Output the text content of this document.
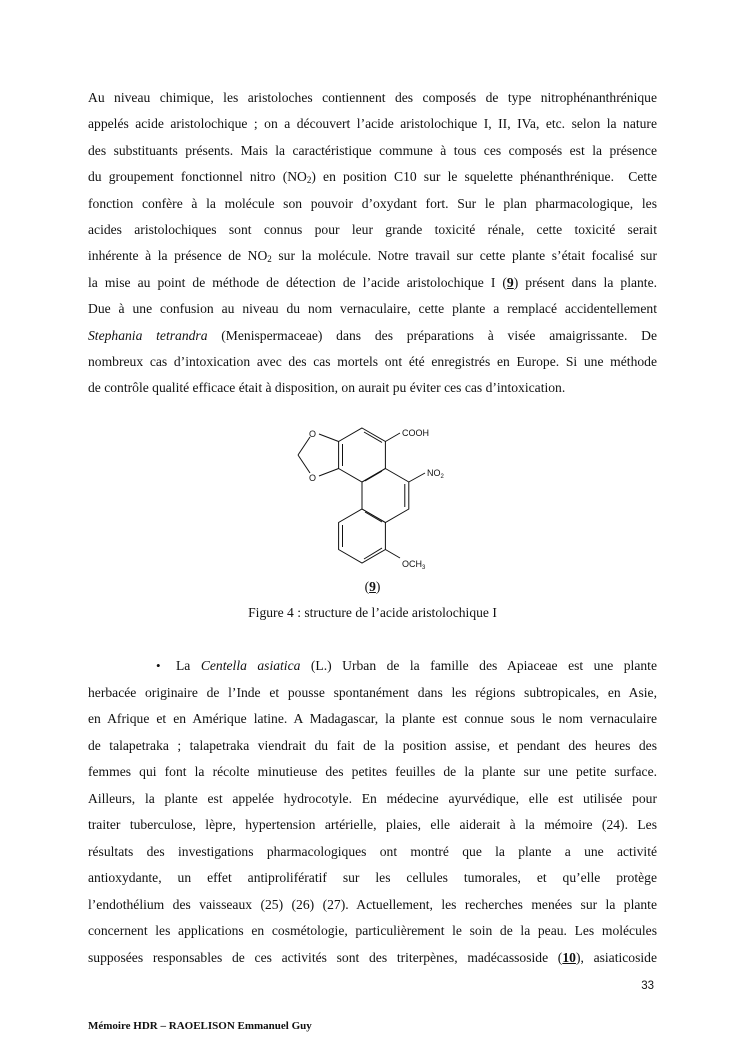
Au niveau chimique, les aristoloches contiennent des composés de type nitrophénanthrénique
appelés acide aristolochique ; on a découvert l’acide aristolochique I, II, IVa, etc. selon la nature
des substituants présents. Mais la caractéristique commune à tous ces composés est la présence
du groupement fonctionnel nitro $(NO_2)$ en position C10 sur le squelette phénanthrénique.  Cette
fonction confère à la molécule son pouvoir d’oxydant fort. Sur le plan pharmacologique, les
acides aristolochiques sont connus pour leur grande toxicité rénale, cette toxicité serait
inhérente à la présence de $NO_2$ sur la molécule. Notre travail sur cette plante s’était focalisé sur
la mise au point de méthode de détection de l’acide aristolochique I (9) présent dans la plante.
Due à une confusion au niveau du nom vernaculaire, cette plante a remplacé accidentellement
Stephania tetrandra (Menispermaceae) dans des préparations à visée amaigrissante. De
nombreux cas d’intoxication avec des cas mortels ont été enregistrés en Europe. Si une méthode
de contrôle qualité efficace était à disposition, on aurait pu éviter ces cas d’intoxication.
O
O
COOH
$NO_2$
$OCH_3$
(9)
Figure 4 : structure de l’acide aristolochique I
• La Centella asiatica (L.) Urban de la famille des Apiaceae est une plante
herbacée originaire de l’Inde et pousse spontanément dans les régions subtropicales, en Asie,
en Afrique et en Amérique latine. A Madagascar, la plante est connue sous le nom vernaculaire
de talapetraka ; talapetraka viendrait du fait de la position assise, et pendant des heures des
femmes qui font la récolte minutieuse des petites feuilles de la plante sur une petite surface.
Ailleurs, la plante est appelée hydrocotyle. En médecine ayurvédique, elle est utilisée pour
traiter tuberculose, lèpre, hypertension artérielle, plaies, elle aiderait à la mémoire (24). Les
résultats des investigations pharmacologiques ont montré que la plante a une activité
antioxydante, un effet antiprolifératif sur les cellules tumorales, et qu’elle protège
l’endothélium des vaisseaux (25) (26) (27). Actuellement, les recherches menées sur la plante
concernent les applications en cosmétologie, particulièrement le soin de la peau. Les molécules
supposées responsables de ces activités sont des triterpènes, madécassoside (10), asiaticoside
33
Mémoire HDR – RAOELISON Emmanuel Guy
